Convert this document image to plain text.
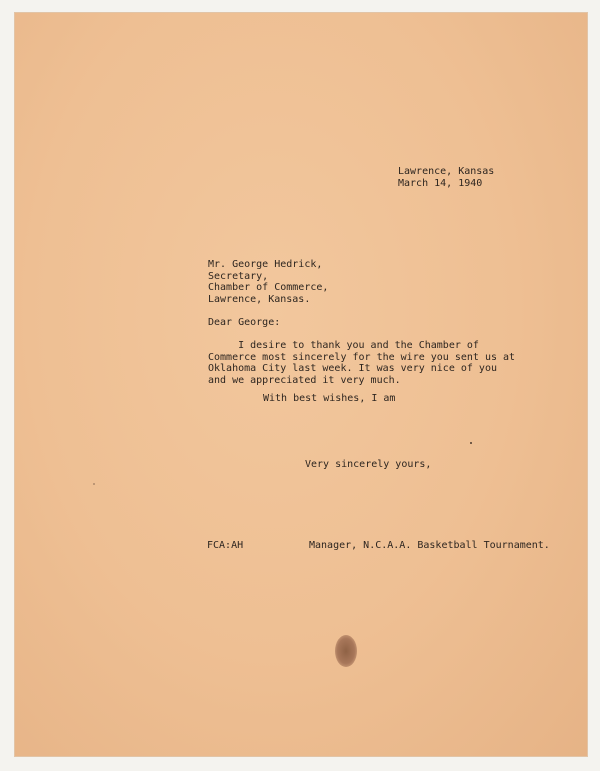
Lawrence, Kansas
March 14, 1940
Mr. George Hedrick,
Secretary,
Chamber of Commerce,
Lawrence, Kansas.
Dear George:
I desire to thank you and the Chamber of
Commerce most sincerely for the wire you sent us at
Oklahoma City last week. It was very nice of you
and we appreciated it very much.
With best wishes, I am
Very sincerely yours,
FCA:AH	Manager, N.C.A.A. Basketball Tournament.
